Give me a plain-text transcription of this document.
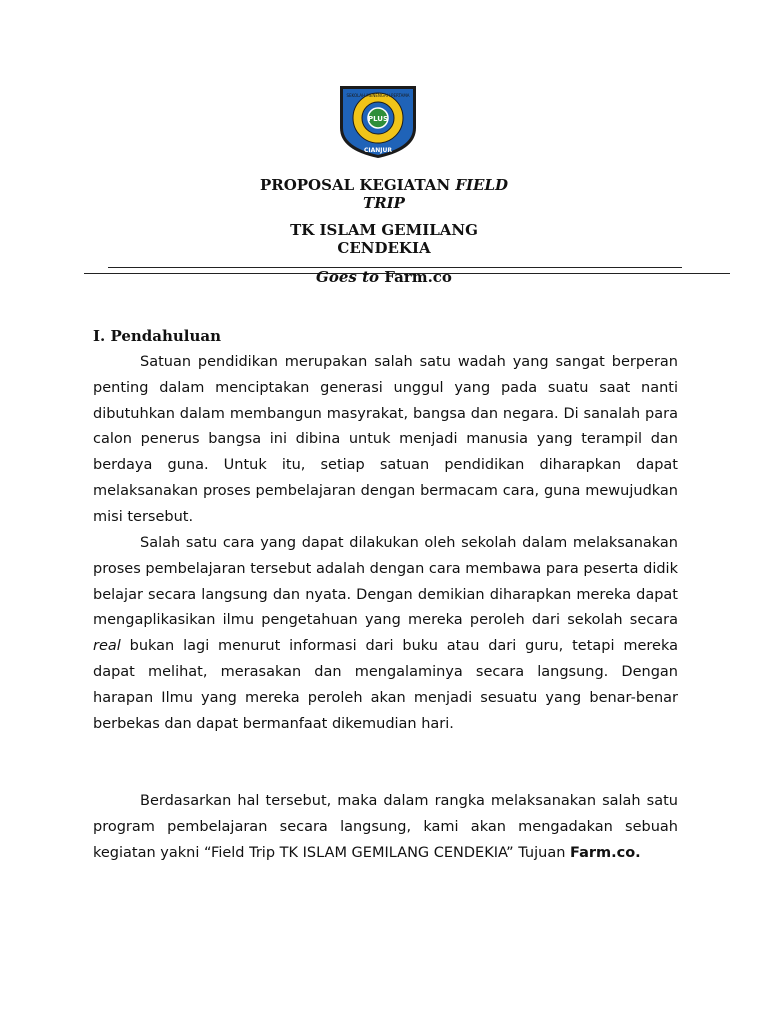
PLUS
SEKOLAH MENENGAH PERTAMA
CIANJUR
PROPOSAL KEGIATAN FIELD
TRIP
TK ISLAM GEMILANG
CENDEKIA
Goes to Farm.co
I. Pendahuluan

Satuan pendidikan merupakan salah satu wadah yang sangat berperan penting dalam menciptakan generasi unggul yang pada suatu saat nanti dibutuhkan dalam membangun masyrakat, bangsa dan negara. Di sanalah para calon penerus bangsa ini dibina untuk menjadi manusia yang terampil dan berdaya guna. Untuk itu, setiap satuan pendidikan diharapkan dapat melaksanakan proses pembelajaran dengan bermacam cara, guna mewujudkan misi tersebut.

Salah satu cara yang dapat dilakukan oleh sekolah dalam melaksanakan proses pembelajaran tersebut adalah dengan cara membawa para peserta didik belajar secara langsung dan nyata. Dengan demikian diharapkan mereka dapat mengaplikasikan ilmu pengetahuan yang mereka peroleh dari sekolah secara real bukan lagi menurut informasi dari buku atau dari guru, tetapi mereka dapat melihat, merasakan dan mengalaminya secara langsung. Dengan harapan Ilmu yang mereka peroleh akan menjadi sesuatu yang benar-benar berbekas dan dapat bermanfaat dikemudian hari.

Berdasarkan hal tersebut, maka dalam rangka melaksanakan salah satu program pembelajaran secara langsung, kami akan mengadakan sebuah kegiatan yakni “Field Trip TK ISLAM GEMILANG CENDEKIA” Tujuan Farm.co.
